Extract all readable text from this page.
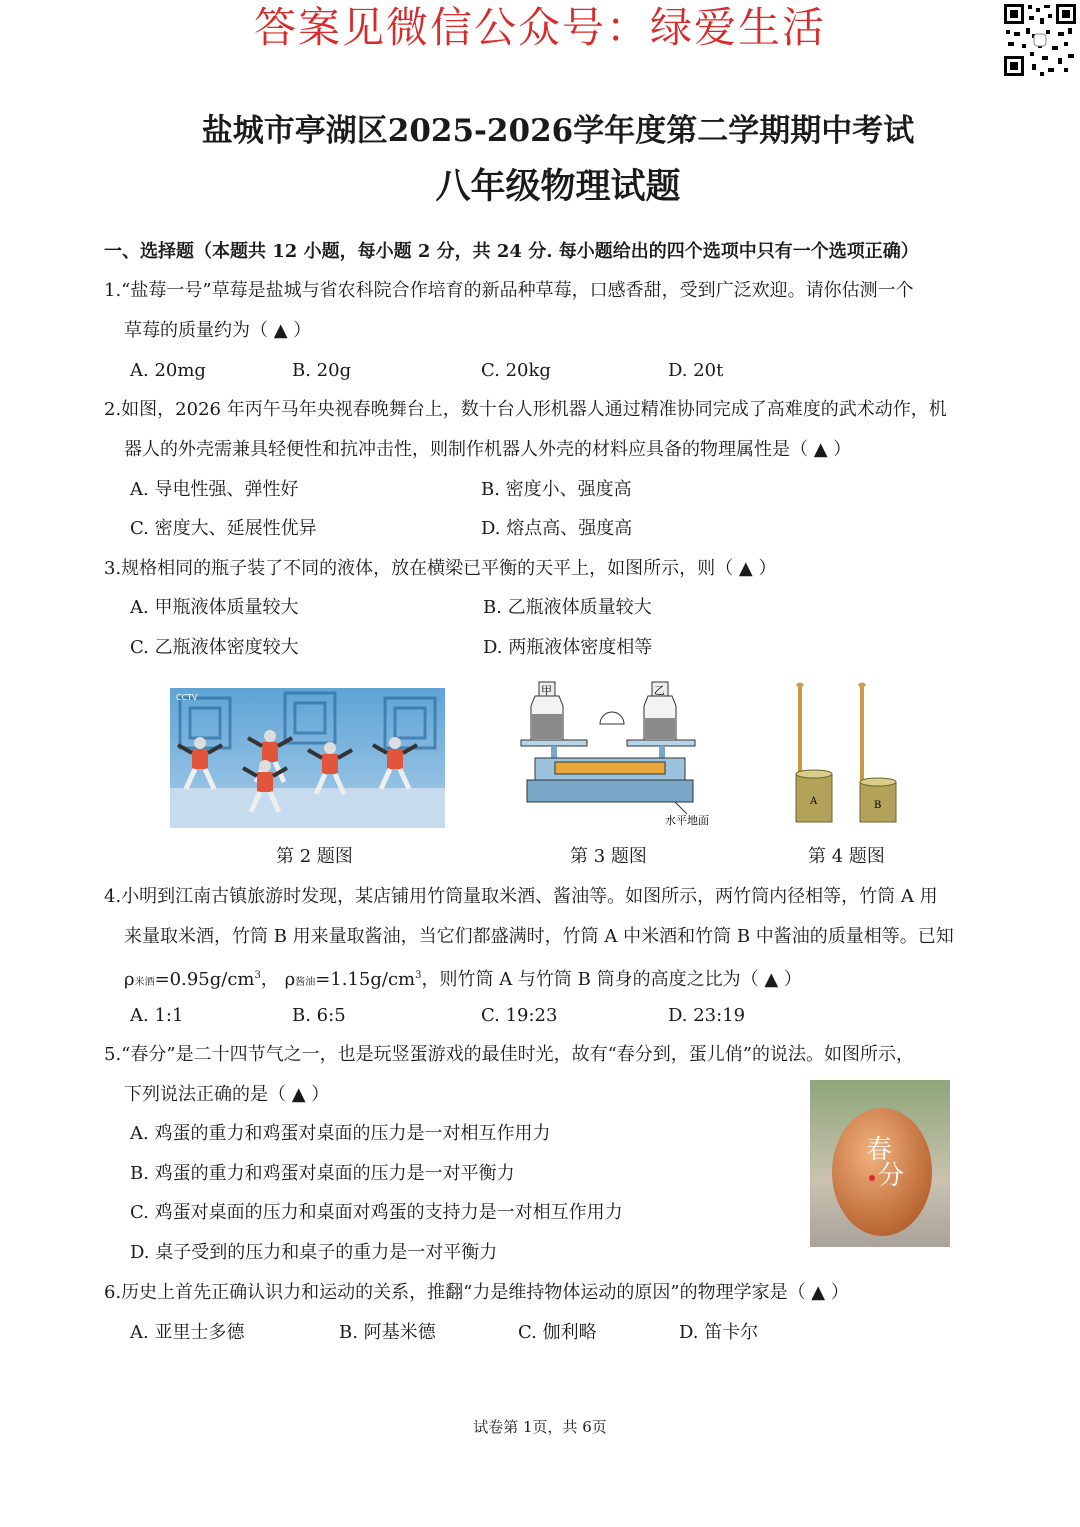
答案见微信公众号：绿爱生活
盐城市亭湖区2025-2026学年度第二学期期中考试
八年级物理试题
一、选择题（本题共 12 小题，每小题 2 分，共 24 分. 每小题给出的四个选项中只有一个选项正确）
1.“盐莓一号”草莓是盐城与省农科院合作培育的新品种草莓，口感香甜，受到广泛欢迎。请你估测一个
草莓的质量约为（ ▲ ）
A. 20mg	B. 20g	C. 20kg	D. 20t
2.如图，2026 年丙午马年央视春晚舞台上，数十台人形机器人通过精准协同完成了高难度的武术动作，机
器人的外壳需兼具轻便性和抗冲击性，则制作机器人外壳的材料应具备的物理属性是（ ▲ ）
A. 导电性强、弹性好	B. 密度小、强度高
C. 密度大、延展性优异	D. 熔点高、强度高
3.规格相同的瓶子装了不同的液体，放在横梁已平衡的天平上，如图所示，则（ ▲ ）
A. 甲瓶液体质量较大	B. 乙瓶液体质量较大
C. 乙瓶液体密度较大	D. 两瓶液体密度相等
CCTV
甲	乙
水平地面
A	B
第 2 题图	第 3 题图	第 4 题图
4.小明到江南古镇旅游时发现，某店铺用竹筒量取米酒、酱油等。如图所示，两竹筒内径相等，竹筒 A 用
来量取米酒，竹筒 B 用来量取酱油，当它们都盛满时，竹筒 A 中米酒和竹筒 B 中酱油的质量相等。已知
ρ米酒$=0.95g/cm^3$， ρ酱油$=1.15g/cm^3$，则竹筒 A 与竹筒 B 筒身的高度之比为（ ▲ ）
A. 1:1	B. 6:5	C. 19:23	D. 23:19
5.“春分”是二十四节气之一，也是玩竖蛋游戏的最佳时光，故有“春分到，蛋儿俏”的说法。如图所示，
下列说法正确的是（ ▲ ）
A. 鸡蛋的重力和鸡蛋对桌面的压力是一对相互作用力
B. 鸡蛋的重力和鸡蛋对桌面的压力是一对平衡力
C. 鸡蛋对桌面的压力和桌面对鸡蛋的支持力是一对相互作用力
D. 桌子受到的压力和桌子的重力是一对平衡力
春
分
6.历史上首先正确认识力和运动的关系，推翻“力是维持物体运动的原因”的物理学家是（ ▲ ）
A. 亚里士多德	B. 阿基米德	C. 伽利略	D. 笛卡尔
试卷第 1页，共 6页
